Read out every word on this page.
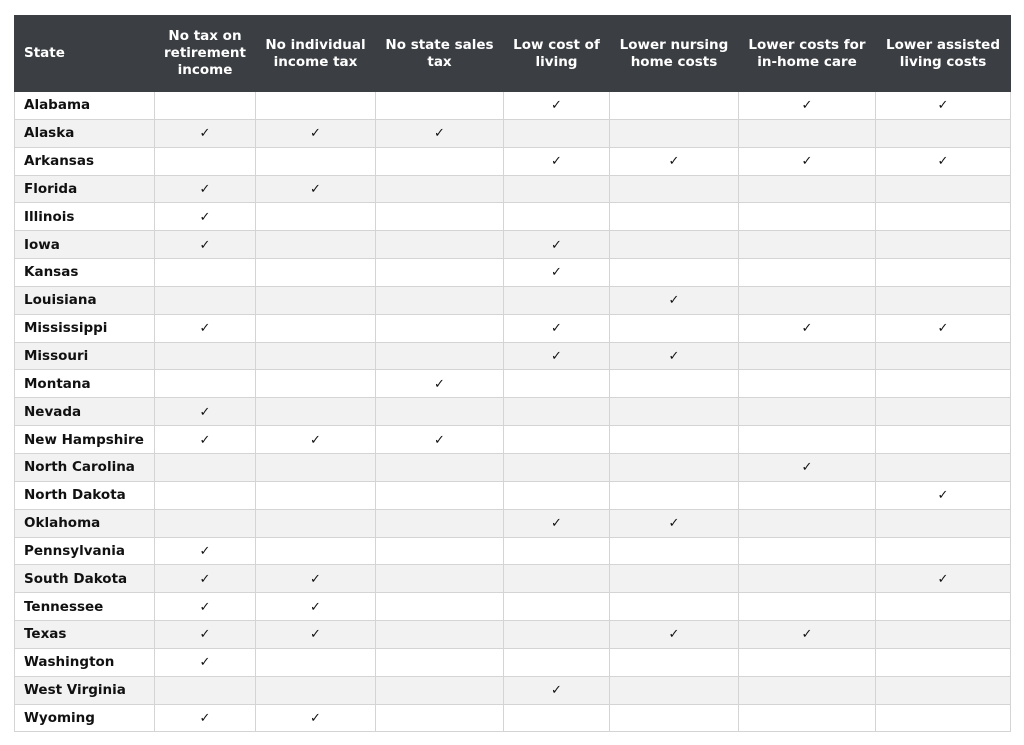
State	No tax on retirement income	No individual income tax	No state sales tax	Low cost of living	Lower nursing home costs	Lower costs for in-home care	Lower assisted living costs
Alabama				✓		✓	✓
Alaska	✓	✓	✓				
Arkansas				✓	✓	✓	✓
Florida	✓	✓					
Illinois	✓						
Iowa	✓			✓			
Kansas				✓			
Louisiana					✓		
Mississippi	✓			✓		✓	✓
Missouri				✓	✓		
Montana			✓				
Nevada	✓						
New Hampshire	✓	✓	✓				
North Carolina						✓	
North Dakota							✓
Oklahoma				✓	✓		
Pennsylvania	✓						
South Dakota	✓	✓					✓
Tennessee	✓	✓					
Texas	✓	✓			✓	✓	
Washington	✓						
West Virginia				✓			
Wyoming	✓	✓					
